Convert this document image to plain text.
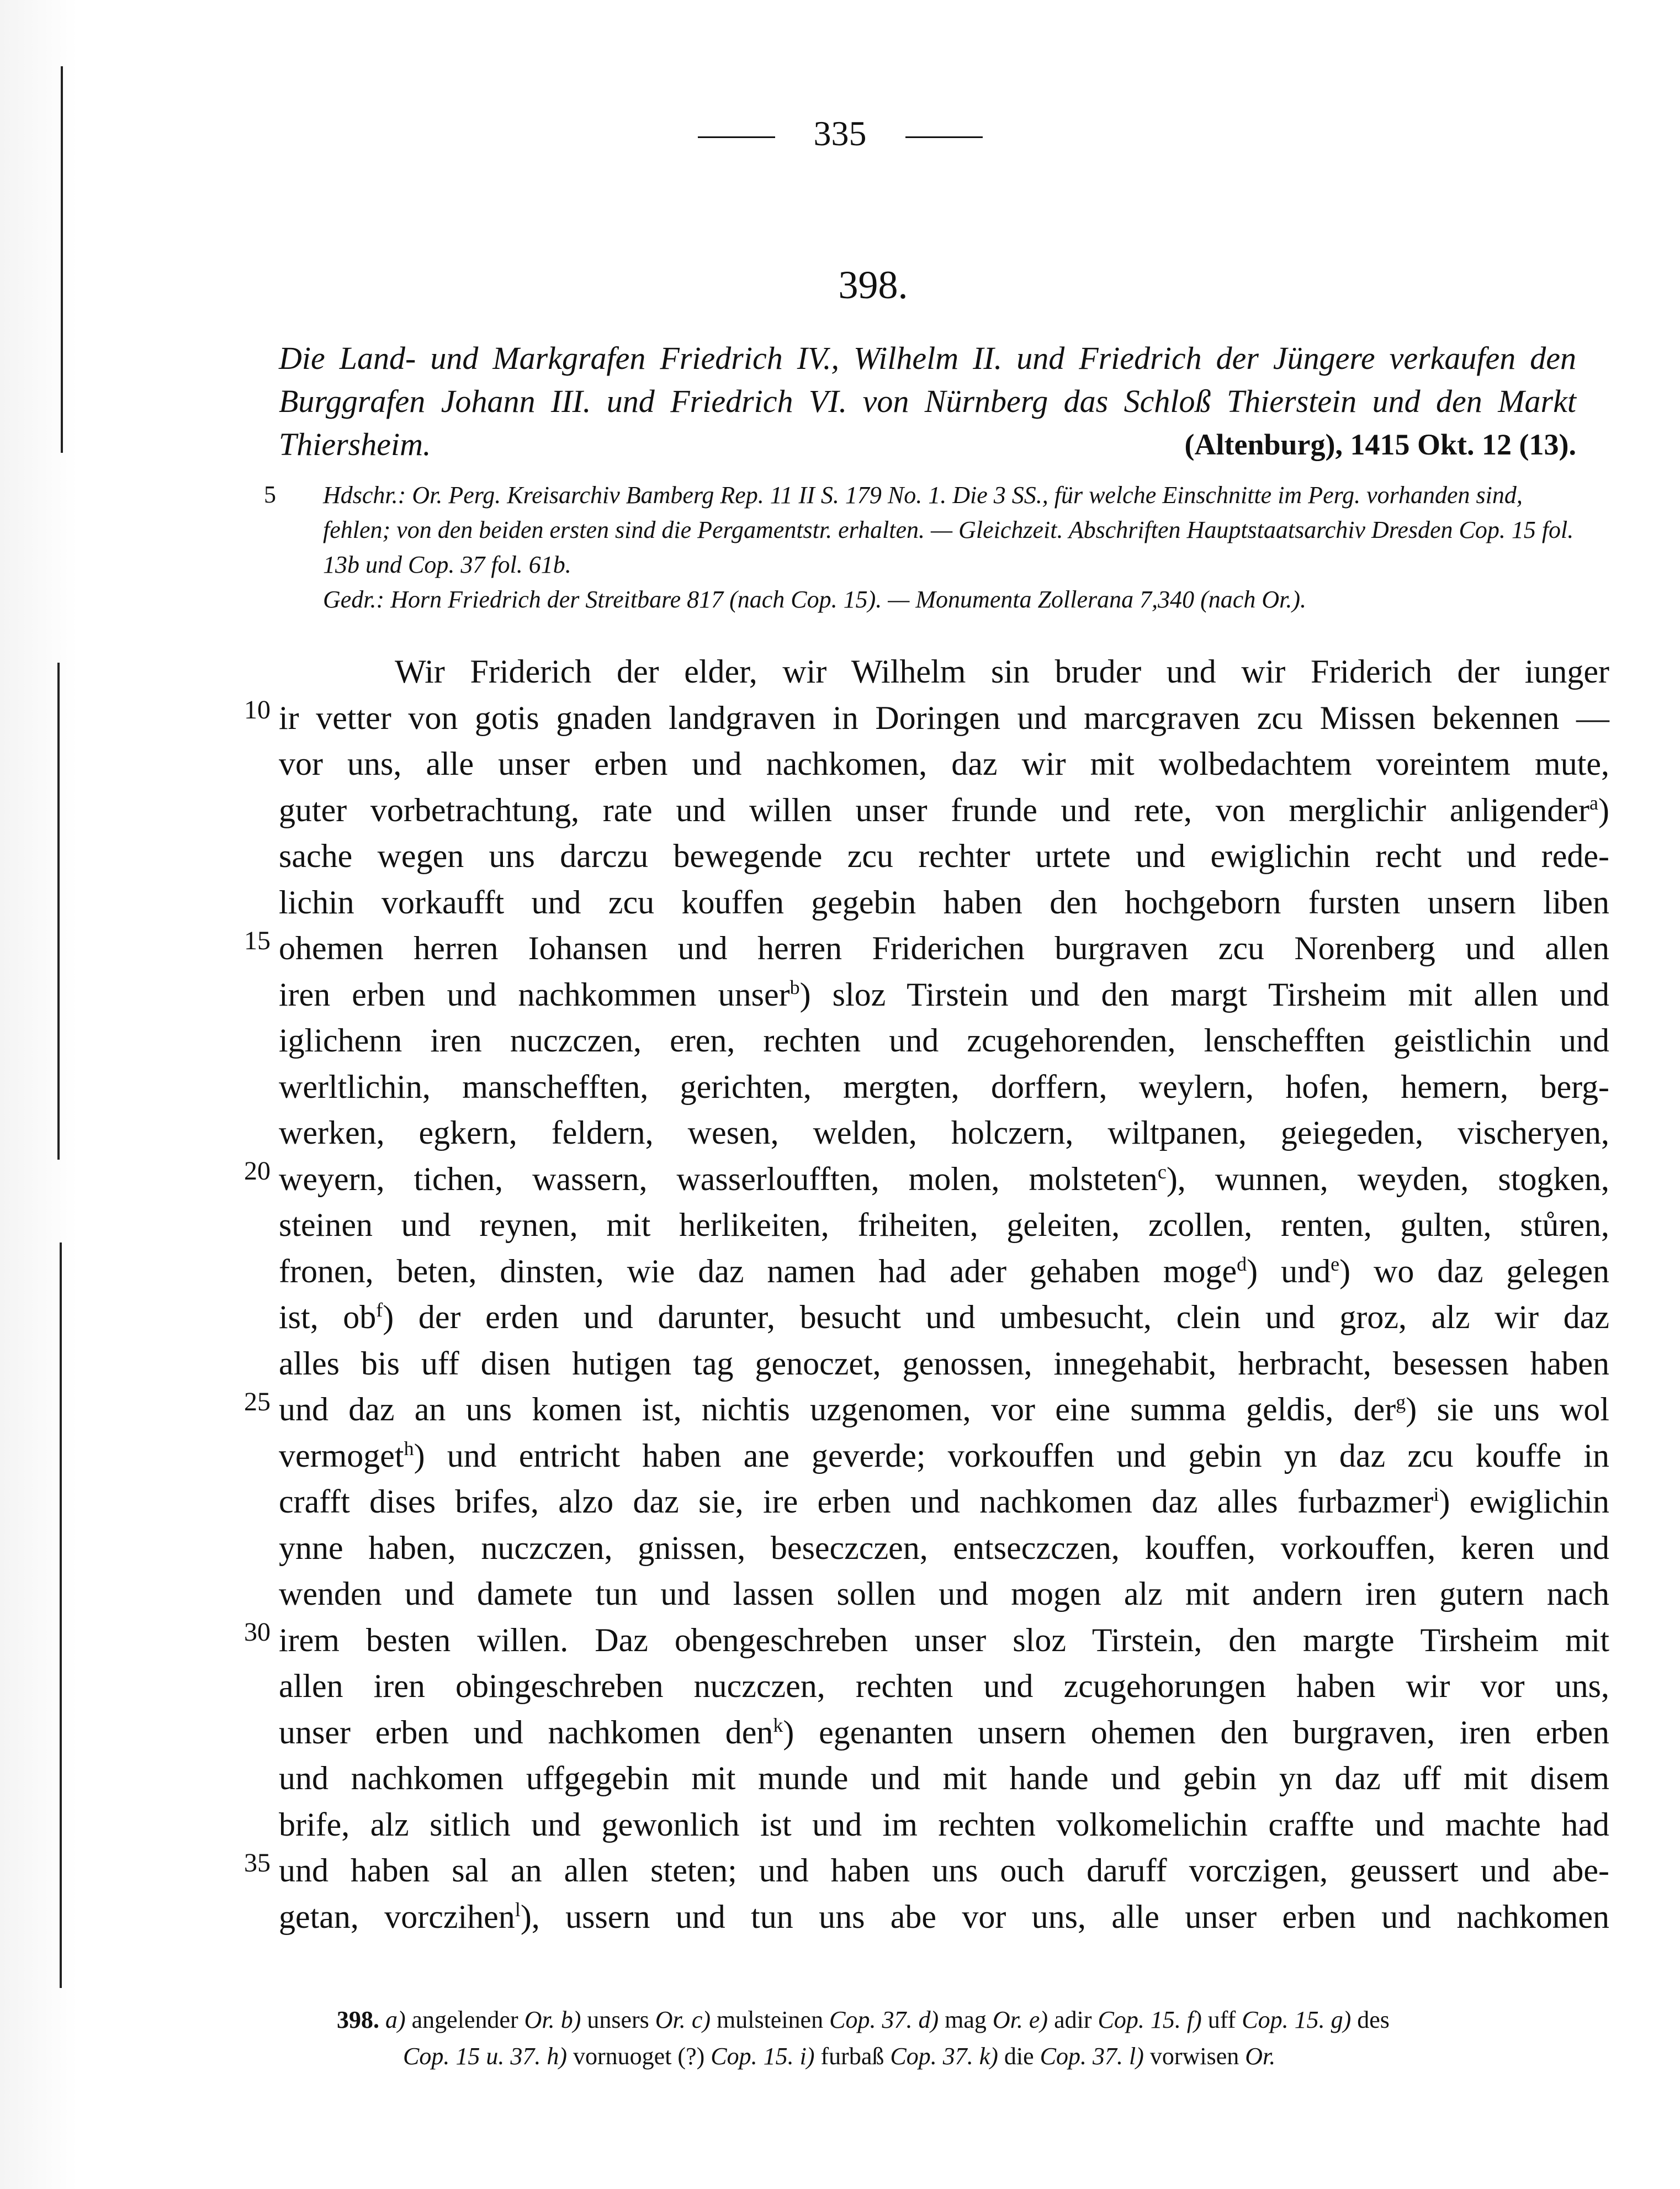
335
398.
Die Land- und Markgrafen Friedrich IV., Wilhelm II. und Friedrich der Jüngere verkaufen den Burggrafen Johann III. und Friedrich VI. von Nürnberg das Schloß Thierstein und den Markt Thiersheim.	(Altenburg), 1415 Okt. 12 (13).
5 Hdschr.: Or. Perg. Kreisarchiv Bamberg Rep. 11 II S. 179 No. 1. Die 3 SS., für welche Einschnitte im Perg. vorhanden sind, fehlen; von den beiden ersten sind die Pergamentstr. erhalten. — Gleichzeit. Abschriften Hauptstaatsarchiv Dresden Cop. 15 fol. 13b und Cop. 37 fol. 61b.

Gedr.: Horn Friedrich der Streitbare 817 (nach Cop. 15). — Monumenta Zollerana 7,340 (nach Or.).

10
15
20
25
30
35
Wir Friderich der elder, wir Wilhelm sin bruder und wir Friderich der iunger
ir vetter von gotis gnaden landgraven in Doringen und marcgraven zcu Missen bekennen —
vor uns, alle unser erben und nachkomen, daz wir mit wolbedachtem voreintem mute,
guter vorbetrachtung, rate und willen unser frunde und rete, von merglichir anligender$^a$)
sache wegen uns darczu bewegende zcu rechter urtete und ewiglichin recht und rede-
lichin vorkaufft und zcu kouffen gegebin haben den hochgeborn fursten unsern liben
ohemen herren Iohansen und herren Friderichen burgraven zcu Norenberg und allen
iren erben und nachkommen unser$^b$) sloz Tirstein und den margt Tirsheim mit allen und
iglichenn iren nuczczen, eren, rechten und zcugehorenden, lenschefften geistlichin und
werltlichin, manschefften, gerichten, mergten, dorffern, weylern, hofen, hemern, berg-
werken, egkern, feldern, wesen, welden, holczern, wiltpanen, geiegeden, vischeryen,
weyern, tichen, wassern, wasserloufften, molen, molsteten$^c$), wunnen, weyden, stogken,
steinen und reynen, mit herlikeiten, friheiten, geleiten, zcollen, renten, gulten, stůren,
fronen, beten, dinsten, wie daz namen had ader gehaben moge$^d$) und$^e$) wo daz gelegen
ist, $ob^f$) der erden und darunter, besucht und umbesucht, clein und groz, alz wir daz
alles bis uff disen hutigen tag genoczet, genossen, innegehabit, herbracht, besessen haben
und daz an uns komen ist, nichtis uzgenomen, vor eine summa geldis, der$^g$) sie uns wol
vermoget$^h$) und entricht haben ane geverde; vorkouffen und gebin yn daz zcu kouffe in
crafft dises brifes, alzo daz sie, ire erben und nachkomen daz alles furbazmer$^i$) ewiglichin
ynne haben, nuczczen, gnissen, beseczczen, entseczczen, kouffen, vorkouffen, keren und
wenden und damete tun und lassen sollen und mogen alz mit andern iren gutern nach
irem besten willen. Daz obengeschreben unser sloz Tirstein, den margte Tirsheim mit
allen iren obingeschreben nuczczen, rechten und zcugehorungen haben wir vor uns,
unser erben und nachkomen den$^k$) egenanten unsern ohemen den burgraven, iren erben
und nachkomen uffgegebin mit munde und mit hande und gebin yn daz uff mit disem
brife, alz sitlich und gewonlich ist und im rechten volkomelichin craffte und machte had
und haben sal an allen steten; und haben uns ouch daruff vorczigen, geussert und abe-
getan, vorczihen$^l$), ussern und tun uns abe vor uns, alle unser erben und nachkomen
398. a) angelender Or. b) unsers Or. c) mulsteinen Cop. 37. d) mag Or. e) adir Cop. 15. f) uff Cop. 15. g) des
Cop. 15 u. 37. h) vornuoget (?) Cop. 15. i) furbaß Cop. 37. k) die Cop. 37. l) vorwisen Or.
